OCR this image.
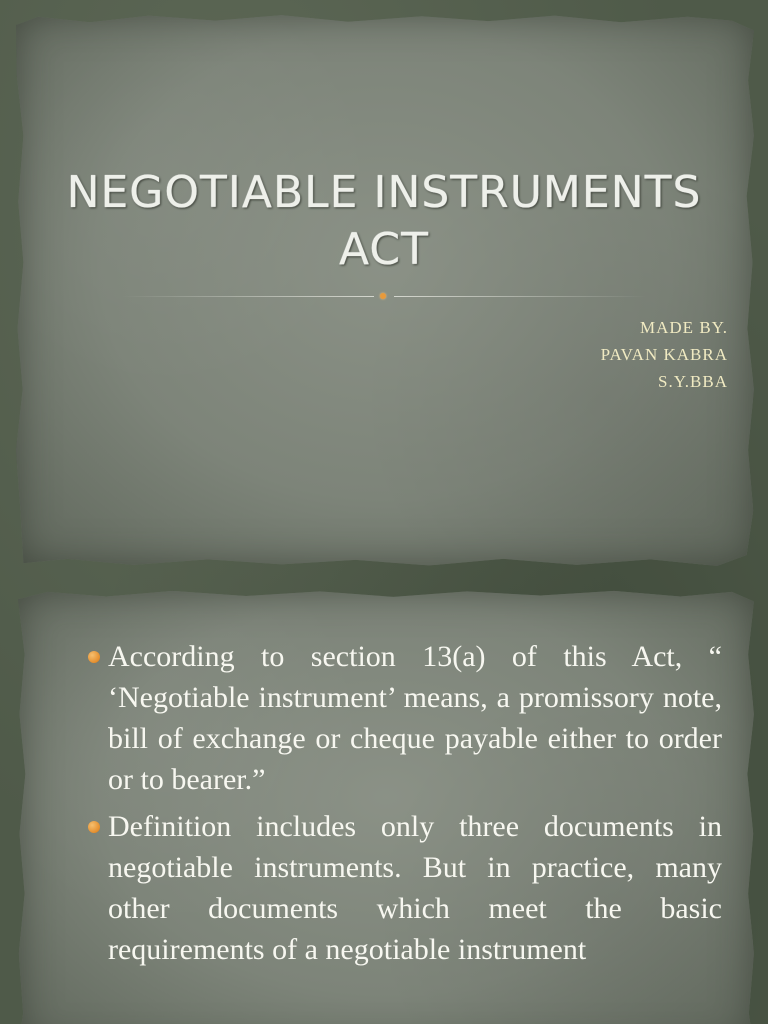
NEGOTIABLE INSTRUMENTS
ACT
MADE BY.
PAVAN KABRA
S.Y.BBA
According to section 13(a) of this Act, “ ‘Negotiable instrument’ means, a promissory note, bill of exchange or cheque payable either to order or to bearer.”
Definition includes only three documents in negotiable instruments. But in practice, many other documents which meet the basic requirements of a negotiable instrument
